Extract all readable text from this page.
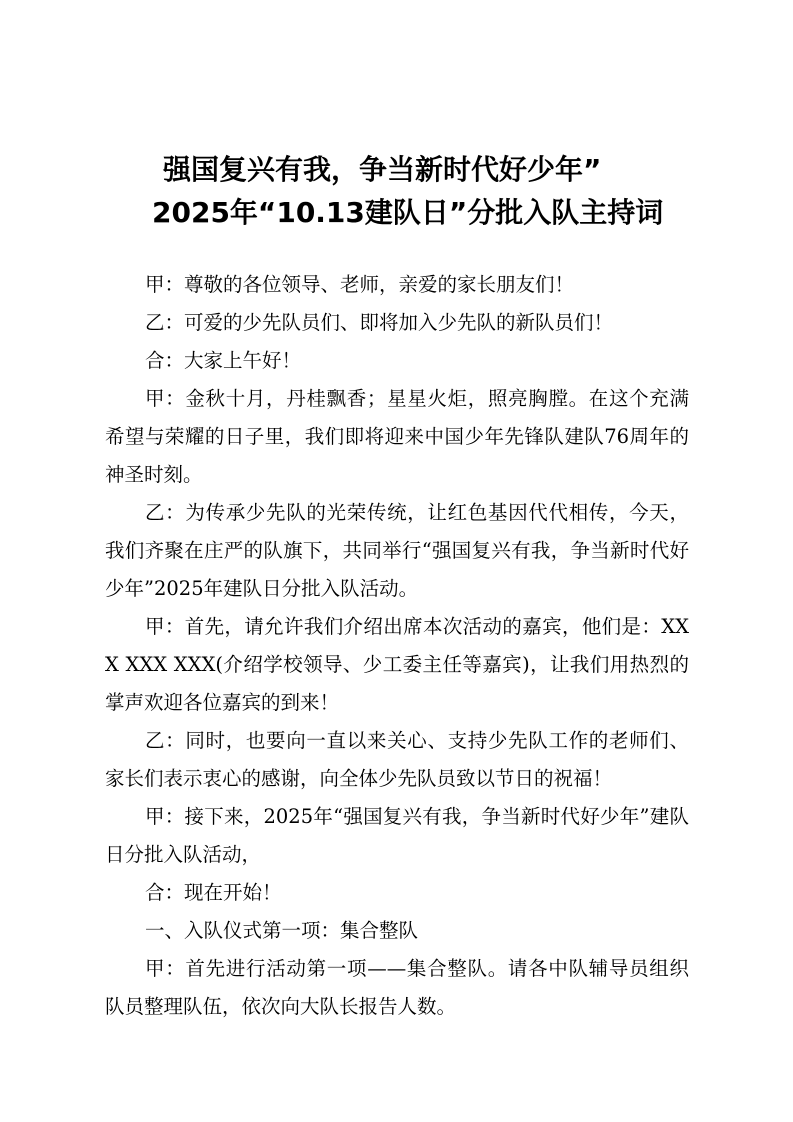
强国复兴有我，争当新时代好少年”
2025年“10.13建队日”分批入队主持词

甲：尊敬的各位领导、老师，亲爱的家长朋友们！

乙：可爱的少先队员们、即将加入少先队的新队员们！

合：大家上午好！

甲：金秋十月，丹桂飘香；星星火炬，照亮胸膛。在这个充满希望与荣耀的日子里，我们即将迎来中国少年先锋队建队76周年的神圣时刻。

乙：为传承少先队的光荣传统，让红色基因代代相传，今天，我们齐聚在庄严的队旗下，共同举行“强国复兴有我，争当新时代好少年”2025年建队日分批入队活动。

甲：首先，请允许我们介绍出席本次活动的嘉宾，他们是：XXX XXX XXX(介绍学校领导、少工委主任等嘉宾)，让我们用热烈的掌声欢迎各位嘉宾的到来！

乙：同时，也要向一直以来关心、支持少先队工作的老师们、家长们表示衷心的感谢，向全体少先队员致以节日的祝福！

甲：接下来，2025年“强国复兴有我，争当新时代好少年”建队日分批入队活动，

合：现在开始！

一、入队仪式第一项：集合整队

甲：首先进行活动第一项——集合整队。请各中队辅导员组织队员整理队伍，依次向大队长报告人数。
